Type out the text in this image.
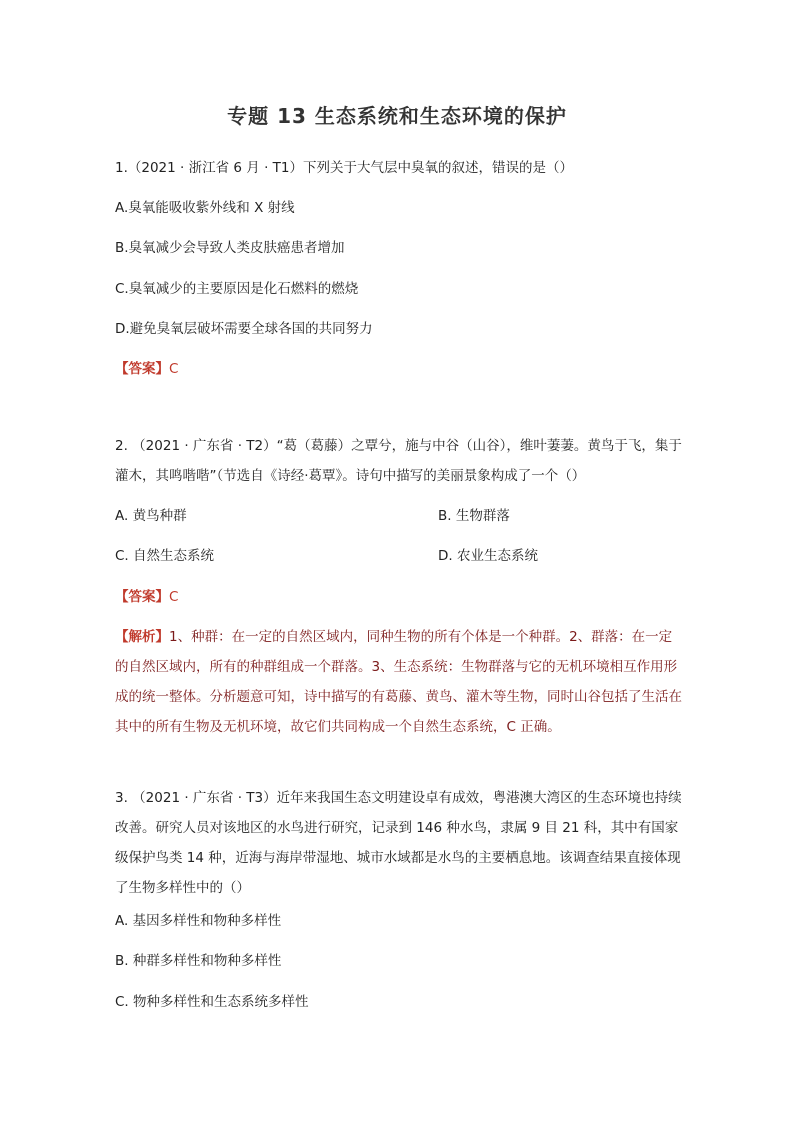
专题 13 生态系统和生态环境的保护
1.（2021 · 浙江省 6 月 · T1）下列关于大气层中臭氧的叙述，错误的是（）
A.臭氧能吸收紫外线和 X 射线
B.臭氧减少会导致人类皮肤癌患者增加
C.臭氧减少的主要原因是化石燃料的燃烧
D.避免臭氧层破坏需要全球各国的共同努力
【答案】C
2. （2021 · 广东省 · T2）“葛（葛藤）之覃兮，施与中谷（山谷），维叶萋萋。黄鸟于飞，集于灌木，其鸣喈喈”（节选自《诗经·葛覃》。诗句中描写的美丽景象构成了一个（）
A. 黄鸟种群	B. 生物群落
C. 自然生态系统	D. 农业生态系统
【答案】C
【解析】1、种群：在一定的自然区域内，同种生物的所有个体是一个种群。2、群落：在一定的自然区域内，所有的种群组成一个群落。3、生态系统：生物群落与它的无机环境相互作用形成的统一整体。分析题意可知，诗中描写的有葛藤、黄鸟、灌木等生物，同时山谷包括了生活在其中的所有生物及无机环境，故它们共同构成一个自然生态系统，C 正确。
3. （2021 · 广东省 · T3）近年来我国生态文明建设卓有成效，粤港澳大湾区的生态环境也持续改善。研究人员对该地区的水鸟进行研究，记录到 146 种水鸟，隶属 9 目 21 科，其中有国家级保护鸟类 14 种，近海与海岸带湿地、城市水域都是水鸟的主要栖息地。该调查结果直接体现了生物多样性中的（）
A. 基因多样性和物种多样性
B. 种群多样性和物种多样性
C. 物种多样性和生态系统多样性
